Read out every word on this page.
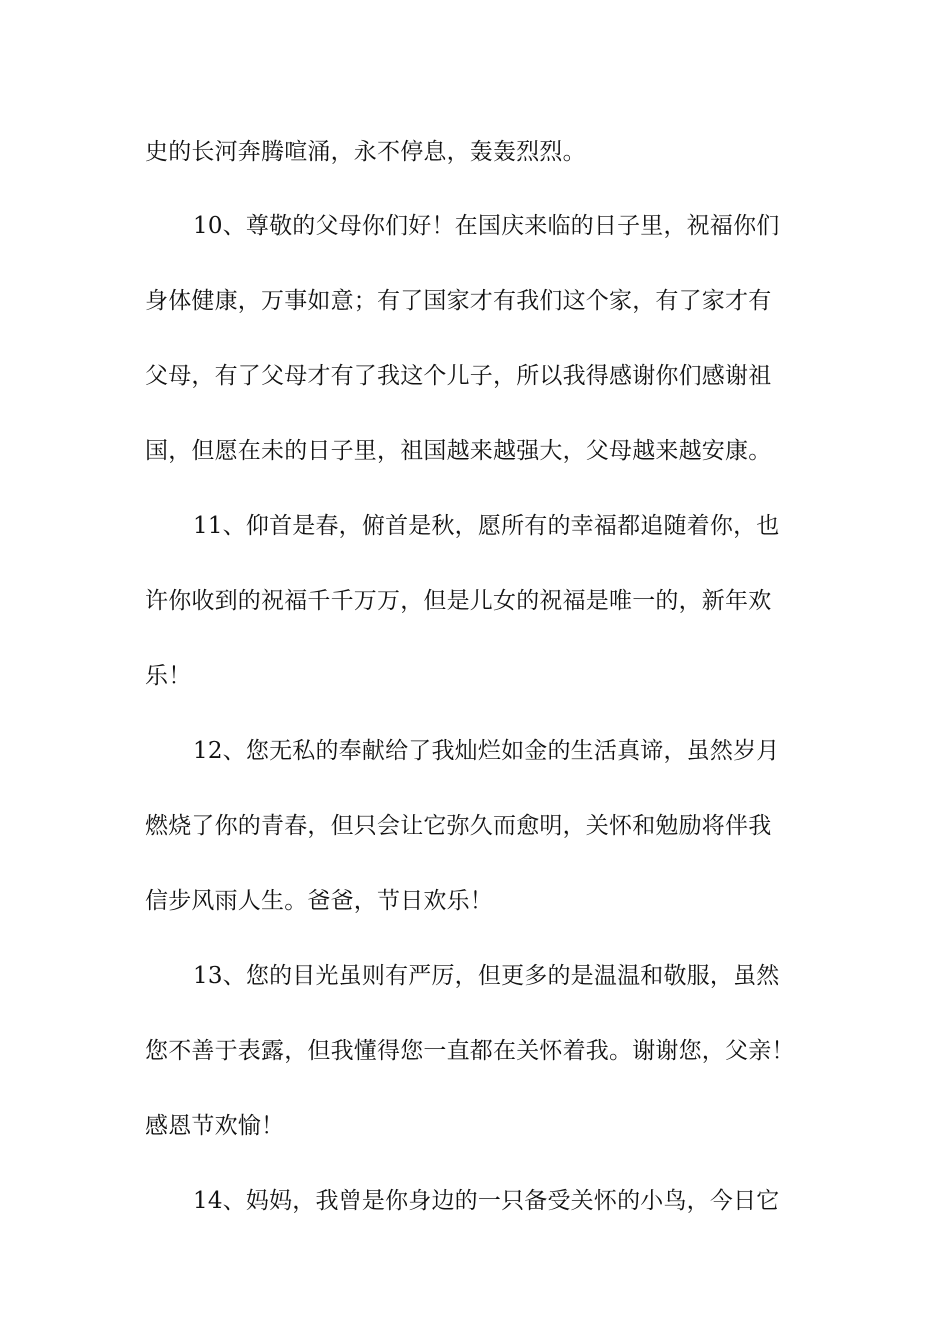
史的长河奔腾喧涌，永不停息，轰轰烈烈。
10、尊敬的父母你们好！在国庆来临的日子里，祝福你们
身体健康，万事如意；有了国家才有我们这个家，有了家才有
父母，有了父母才有了我这个儿子，所以我得感谢你们感谢祖
国，但愿在未的日子里，祖国越来越强大，父母越来越安康。
11、仰首是春，俯首是秋，愿所有的幸福都追随着你，也
许你收到的祝福千千万万，但是儿女的祝福是唯一的，新年欢
乐！
12、您无私的奉献给了我灿烂如金的生活真谛，虽然岁月
燃烧了你的青春，但只会让它弥久而愈明，关怀和勉励将伴我
信步风雨人生。爸爸，节日欢乐！
13、您的目光虽则有严厉，但更多的是温温和敬服，虽然
您不善于表露，但我懂得您一直都在关怀着我。谢谢您，父亲！
感恩节欢愉！
14、妈妈，我曾是你身边的一只备受关怀的小鸟，今日它
